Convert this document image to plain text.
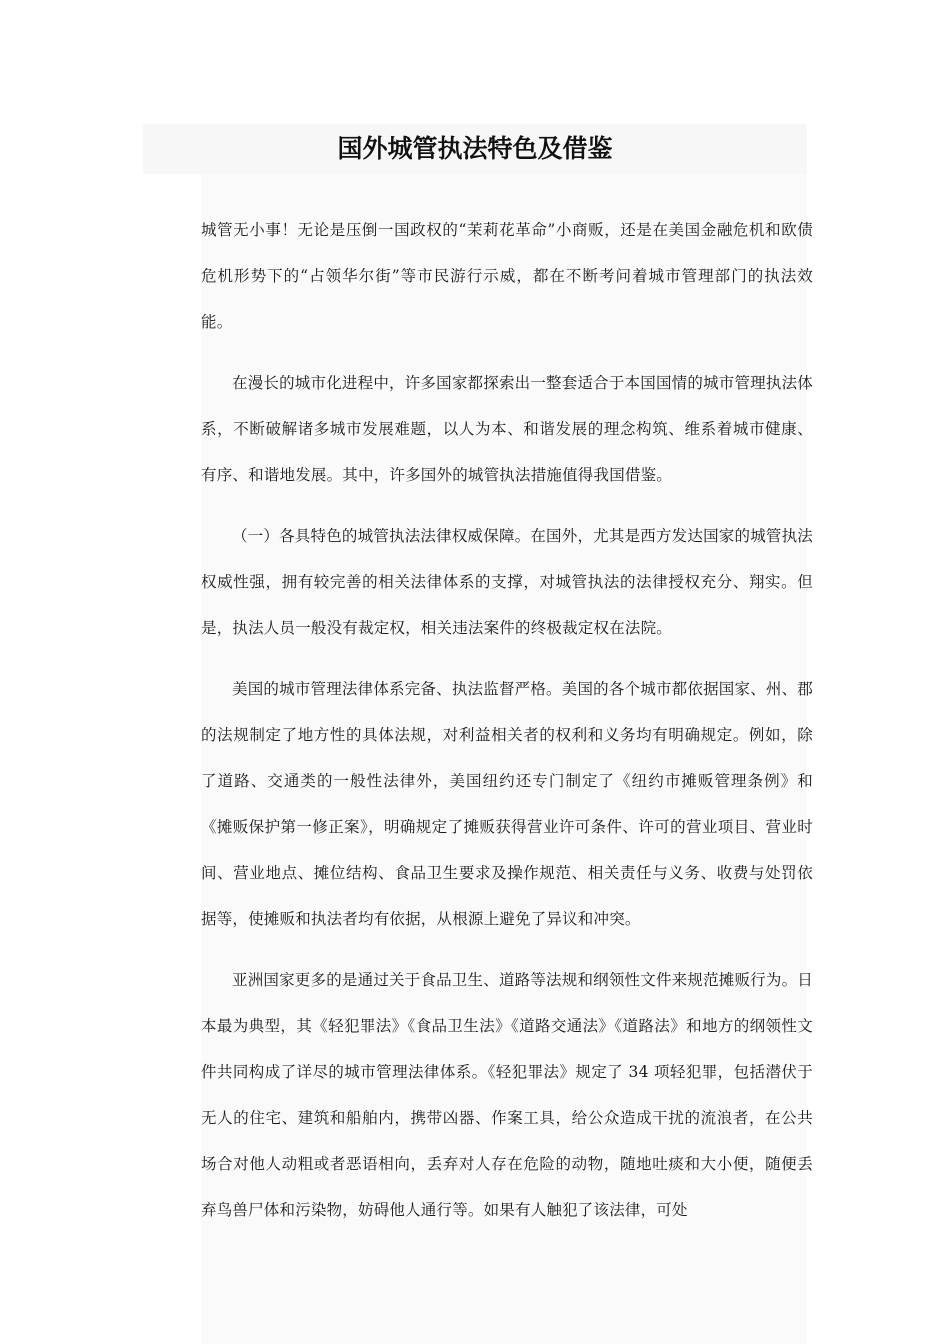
国外城管执法特色及借鉴

城管无小事！无论是压倒一国政权的“茉莉花革命”小商贩，还是在美国金融危机和欧债危机形势下的“占领华尔街”等市民游行示威，都在不断考问着城市管理部门的执法效能。

在漫长的城市化进程中，许多国家都探索出一整套适合于本国国情的城市管理执法体系，不断破解诸多城市发展难题，以人为本、和谐发展的理念构筑、维系着城市健康、有序、和谐地发展。其中，许多国外的城管执法措施值得我国借鉴。

（一）各具特色的城管执法法律权威保障。在国外，尤其是西方发达国家的城管执法权威性强，拥有较完善的相关法律体系的支撑，对城管执法的法律授权充分、翔实。但是，执法人员一般没有裁定权，相关违法案件的终极裁定权在法院。

美国的城市管理法律体系完备、执法监督严格。美国的各个城市都依据国家、州、郡的法规制定了地方性的具体法规，对利益相关者的权利和义务均有明确规定。例如，除了道路、交通类的一般性法律外，美国纽约还专门制定了《纽约市摊贩管理条例》和《摊贩保护第一修正案》，明确规定了摊贩获得营业许可条件、许可的营业项目、营业时间、营业地点、摊位结构、食品卫生要求及操作规范、相关责任与义务、收费与处罚依据等，使摊贩和执法者均有依据，从根源上避免了异议和冲突。

亚洲国家更多的是通过关于食品卫生、道路等法规和纲领性文件来规范摊贩行为。日本最为典型，其《轻犯罪法》《食品卫生法》《道路交通法》《道路法》和地方的纲领性文件共同构成了详尽的城市管理法律体系。《轻犯罪法》规定了 34 项轻犯罪，包括潜伏于无人的住宅、建筑和船舶内，携带凶器、作案工具，给公众造成干扰的流浪者，在公共场合对他人动粗或者恶语相向，丢弃对人存在危险的动物，随地吐痰和大小便，随便丢弃鸟兽尸体和污染物，妨碍他人通行等。如果有人触犯了该法律，可处
